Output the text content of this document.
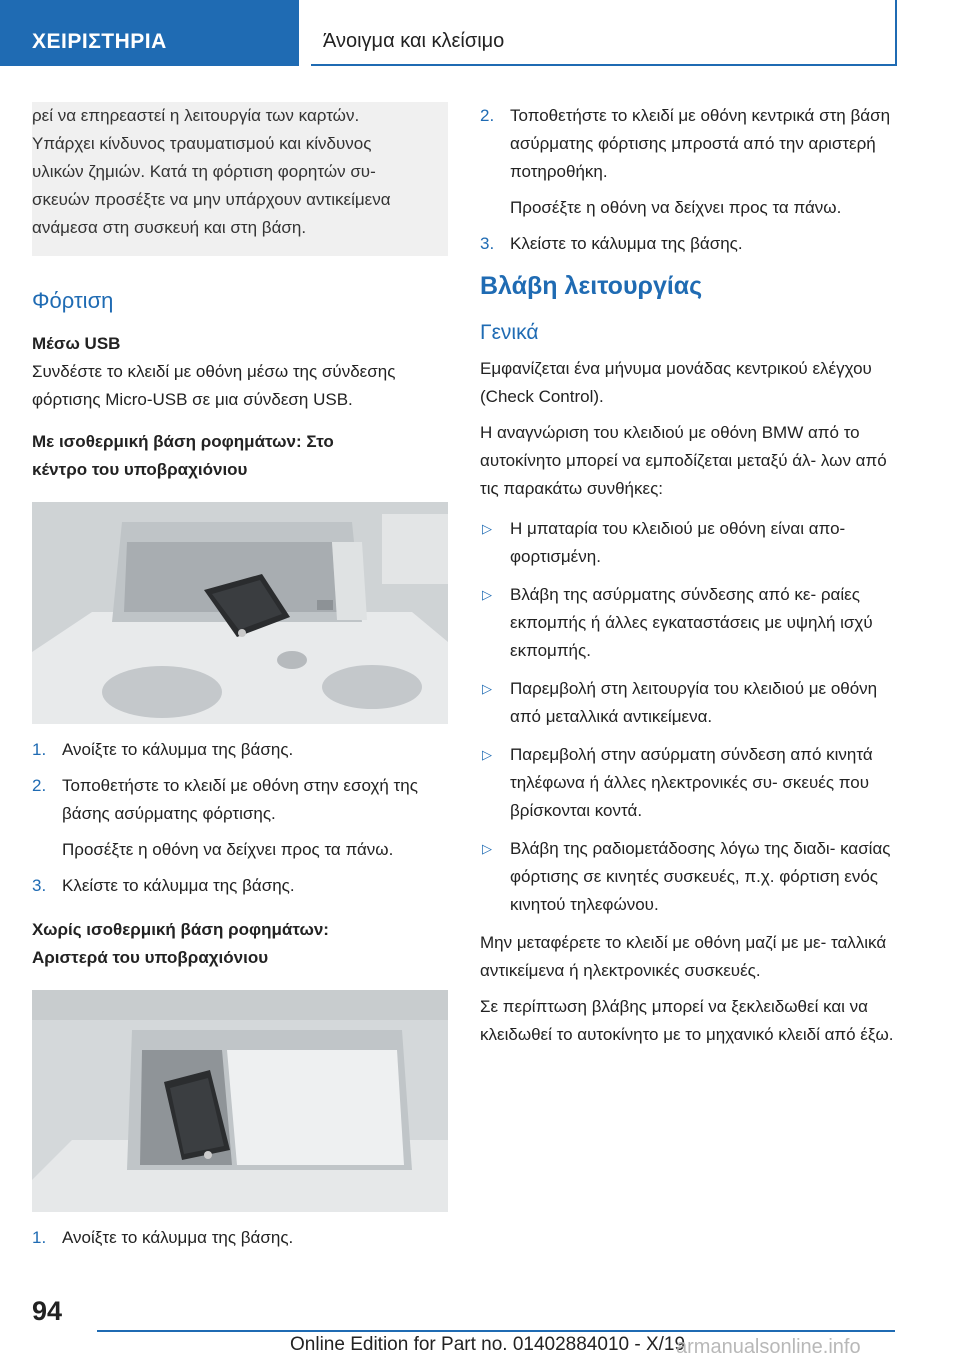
ΧΕΙΡΙΣΤΗΡΙΑ	Άνοιγμα και κλείσιμο

ρεί να επηρεαστεί η λειτουργία των καρτών.

Υπάρχει κίνδυνος τραυματισμού και κίνδυνος

υλικών ζημιών. Κατά τη φόρτιση φορητών συ-

σκευών προσέξτε να μην υπάρχουν αντικείμενα

ανάμεσα στη συσκευή και στη βάση.

Φόρτιση
Μέσω USB

Συνδέστε το κλειδί με οθόνη μέσω της σύνδεσης

φόρτισης Micro-USB σε μια σύνδεση USB.

Με ισοθερμική βάση ροφημάτων: Στο
κέντρο του υποβραχιόνιου
1. Ανοίξτε το κάλυμμα της βάσης.
2. Τοποθετήστε το κλειδί με οθόνη στην εσοχή της βάσης ασύρματης φόρτισης.
Προσέξτε η οθόνη να δείχνει προς τα πάνω.
3. Κλείστε το κάλυμμα της βάσης.
Χωρίς ισοθερμική βάση ροφημάτων:
Αριστερά του υποβραχιόνιου
1. Ανοίξτε το κάλυμμα της βάσης.
2. Τοποθετήστε το κλειδί με οθόνη κεντρικά στη βάση ασύρματης φόρτισης μπροστά από την αριστερή ποτηροθήκη.
Προσέξτε η οθόνη να δείχνει προς τα πάνω.
3. Κλείστε το κάλυμμα της βάσης.
Βλάβη λειτουργίας
Γενικά

Εμφανίζεται ένα μήνυμα μονάδας κεντρικού ελέγχου (Check Control).

Η αναγνώριση του κλειδιού με οθόνη BMW από το αυτοκίνητο μπορεί να εμποδίζεται μεταξύ άλ- λων από τις παρακάτω συνθήκες:

▷ Η μπαταρία του κλειδιού με οθόνη είναι απο- φορτισμένη.
▷ Βλάβη της ασύρματης σύνδεσης από κε- ραίες εκπομπής ή άλλες εγκαταστάσεις με υψηλή ισχύ εκπομπής.
▷ Παρεμβολή στη λειτουργία του κλειδιού με οθόνη από μεταλλικά αντικείμενα.
▷ Παρεμβολή στην ασύρματη σύνδεση από κινητά τηλέφωνα ή άλλες ηλεκτρονικές συ- σκευές που βρίσκονται κοντά.
▷ Βλάβη της ραδιομετάδοσης λόγω της διαδι- κασίας φόρτισης σε κινητές συσκευές, π.χ. φόρτιση ενός κινητού τηλεφώνου.

Μην μεταφέρετε το κλειδί με οθόνη μαζί με με- ταλλικά αντικείμενα ή ηλεκτρονικές συσκευές.

Σε περίπτωση βλάβης μπορεί να ξεκλειδωθεί και να κλειδωθεί το αυτοκίνητο με το μηχανικό κλειδί από έξω.

94
Online Edition for Part no. 01402884010 - X/19
armanualsonline.info
